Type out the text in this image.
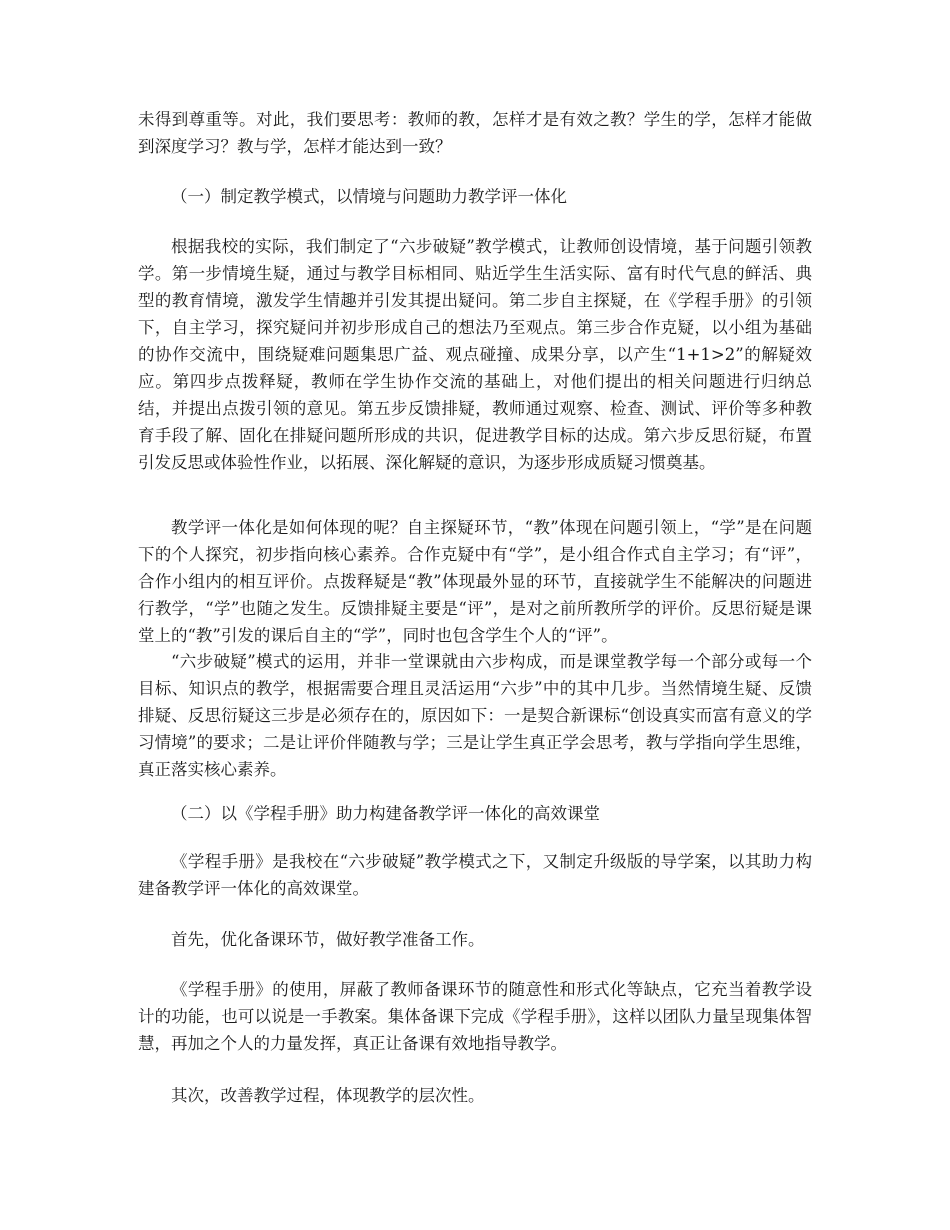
未得到尊重等。对此，我们要思考：教师的教，怎样才是有效之教？学生的学，怎样才能做到深度学习？教与学，怎样才能达到一致？

（一）制定教学模式，以情境与问题助力教学评一体化

根据我校的实际，我们制定了“六步破疑”教学模式，让教师创设情境，基于问题引领教学。第一步情境生疑，通过与教学目标相同、贴近学生生活实际、富有时代气息的鲜活、典型的教育情境，激发学生情趣并引发其提出疑问。第二步自主探疑，在《学程手册》的引领下，自主学习，探究疑问并初步形成自己的想法乃至观点。第三步合作克疑，以小组为基础的协作交流中，围绕疑难问题集思广益、观点碰撞、成果分享，以产生“1+1>2”的解疑效应。第四步点拨释疑，教师在学生协作交流的基础上，对他们提出的相关问题进行归纳总结，并提出点拨引领的意见。第五步反馈排疑，教师通过观察、检查、测试、评价等多种教育手段了解、固化在排疑问题所形成的共识，促进教学目标的达成。第六步反思衍疑，布置引发反思或体验性作业，以拓展、深化解疑的意识，为逐步形成质疑习惯奠基。

教学评一体化是如何体现的呢？自主探疑环节，“教”体现在问题引领上，“学”是在问题下的个人探究，初步指向核心素养。合作克疑中有“学”，是小组合作式自主学习；有“评”，合作小组内的相互评价。点拨释疑是“教”体现最外显的环节，直接就学生不能解决的问题进行教学，“学”也随之发生。反馈排疑主要是“评”，是对之前所教所学的评价。反思衍疑是课堂上的“教”引发的课后自主的“学”，同时也包含学生个人的“评”。

“六步破疑”模式的运用，并非一堂课就由六步构成，而是课堂教学每一个部分或每一个目标、知识点的教学，根据需要合理且灵活运用“六步”中的其中几步。当然情境生疑、反馈排疑、反思衍疑这三步是必须存在的，原因如下：一是契合新课标“创设真实而富有意义的学习情境”的要求；二是让评价伴随教与学；三是让学生真正学会思考，教与学指向学生思维，真正落实核心素养。

（二）以《学程手册》助力构建备教学评一体化的高效课堂

《学程手册》是我校在“六步破疑”教学模式之下，又制定升级版的导学案，以其助力构建备教学评一体化的高效课堂。

首先，优化备课环节，做好教学准备工作。

《学程手册》的使用，屏蔽了教师备课环节的随意性和形式化等缺点，它充当着教学设计的功能，也可以说是一手教案。集体备课下完成《学程手册》，这样以团队力量呈现集体智慧，再加之个人的力量发挥，真正让备课有效地指导教学。

其次，改善教学过程，体现教学的层次性。
